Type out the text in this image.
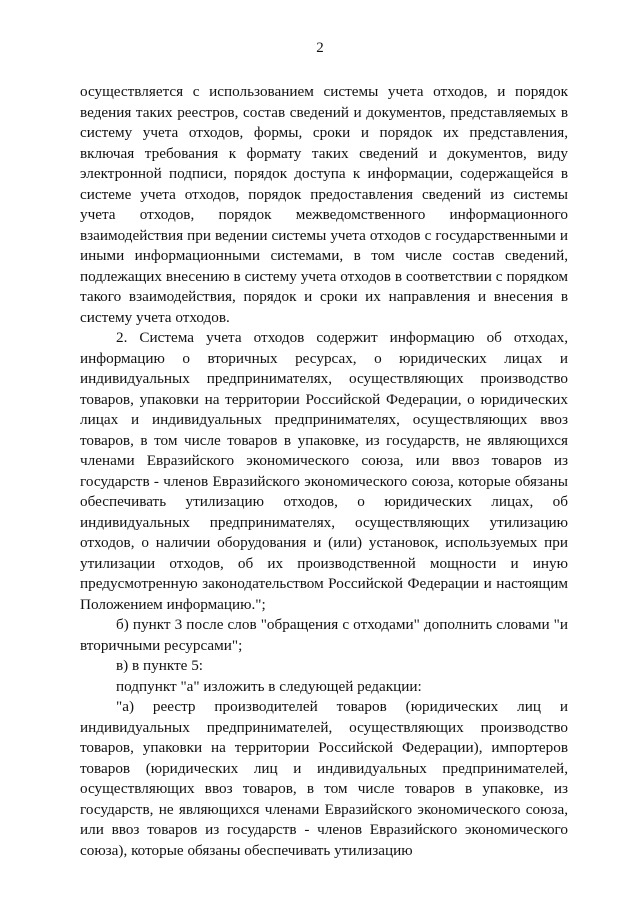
2

осуществляется с использованием системы учета отходов, и порядок ведения таких реестров, состав сведений и документов, представляемых в систему учета отходов, формы, сроки и порядок их представления, включая требования к формату таких сведений и документов, виду электронной подписи, порядок доступа к информации, содержащейся в системе учета отходов, порядок предоставления сведений из системы учета отходов, порядок межведомственного информационного взаимодействия при ведении системы учета отходов с государственными и иными информационными системами, в том числе состав сведений, подлежащих внесению в систему учета отходов в соответствии с порядком такого взаимодействия, порядок и сроки их направления и внесения в систему учета отходов.

2. Система учета отходов содержит информацию об отходах, информацию о вторичных ресурсах, о юридических лицах и индивидуальных предпринимателях, осуществляющих производство товаров, упаковки на территории Российской Федерации, о юридических лицах и индивидуальных предпринимателях, осуществляющих ввоз товаров, в том числе товаров в упаковке, из государств, не являющихся членами Евразийского экономического союза, или ввоз товаров из государств - членов Евразийского экономического союза, которые обязаны обеспечивать утилизацию отходов, о юридических лицах, об индивидуальных предпринимателях, осуществляющих утилизацию отходов, о наличии оборудования и (или) установок, используемых при утилизации отходов, об их производственной мощности и иную предусмотренную законодательством Российской Федерации и настоящим Положением информацию.";

б) пункт 3 после слов "обращения с отходами" дополнить словами "и вторичными ресурсами";

в) в пункте 5:

подпункт "а" изложить в следующей редакции:

"а) реестр производителей товаров (юридических лиц и индивидуальных предпринимателей, осуществляющих производство товаров, упаковки на территории Российской Федерации), импортеров товаров (юридических лиц и индивидуальных предпринимателей, осуществляющих ввоз товаров, в том числе товаров в упаковке, из государств, не являющихся членами Евразийского экономического союза, или ввоз товаров из государств - членов Евразийского экономического союза), которые обязаны обеспечивать утилизацию
